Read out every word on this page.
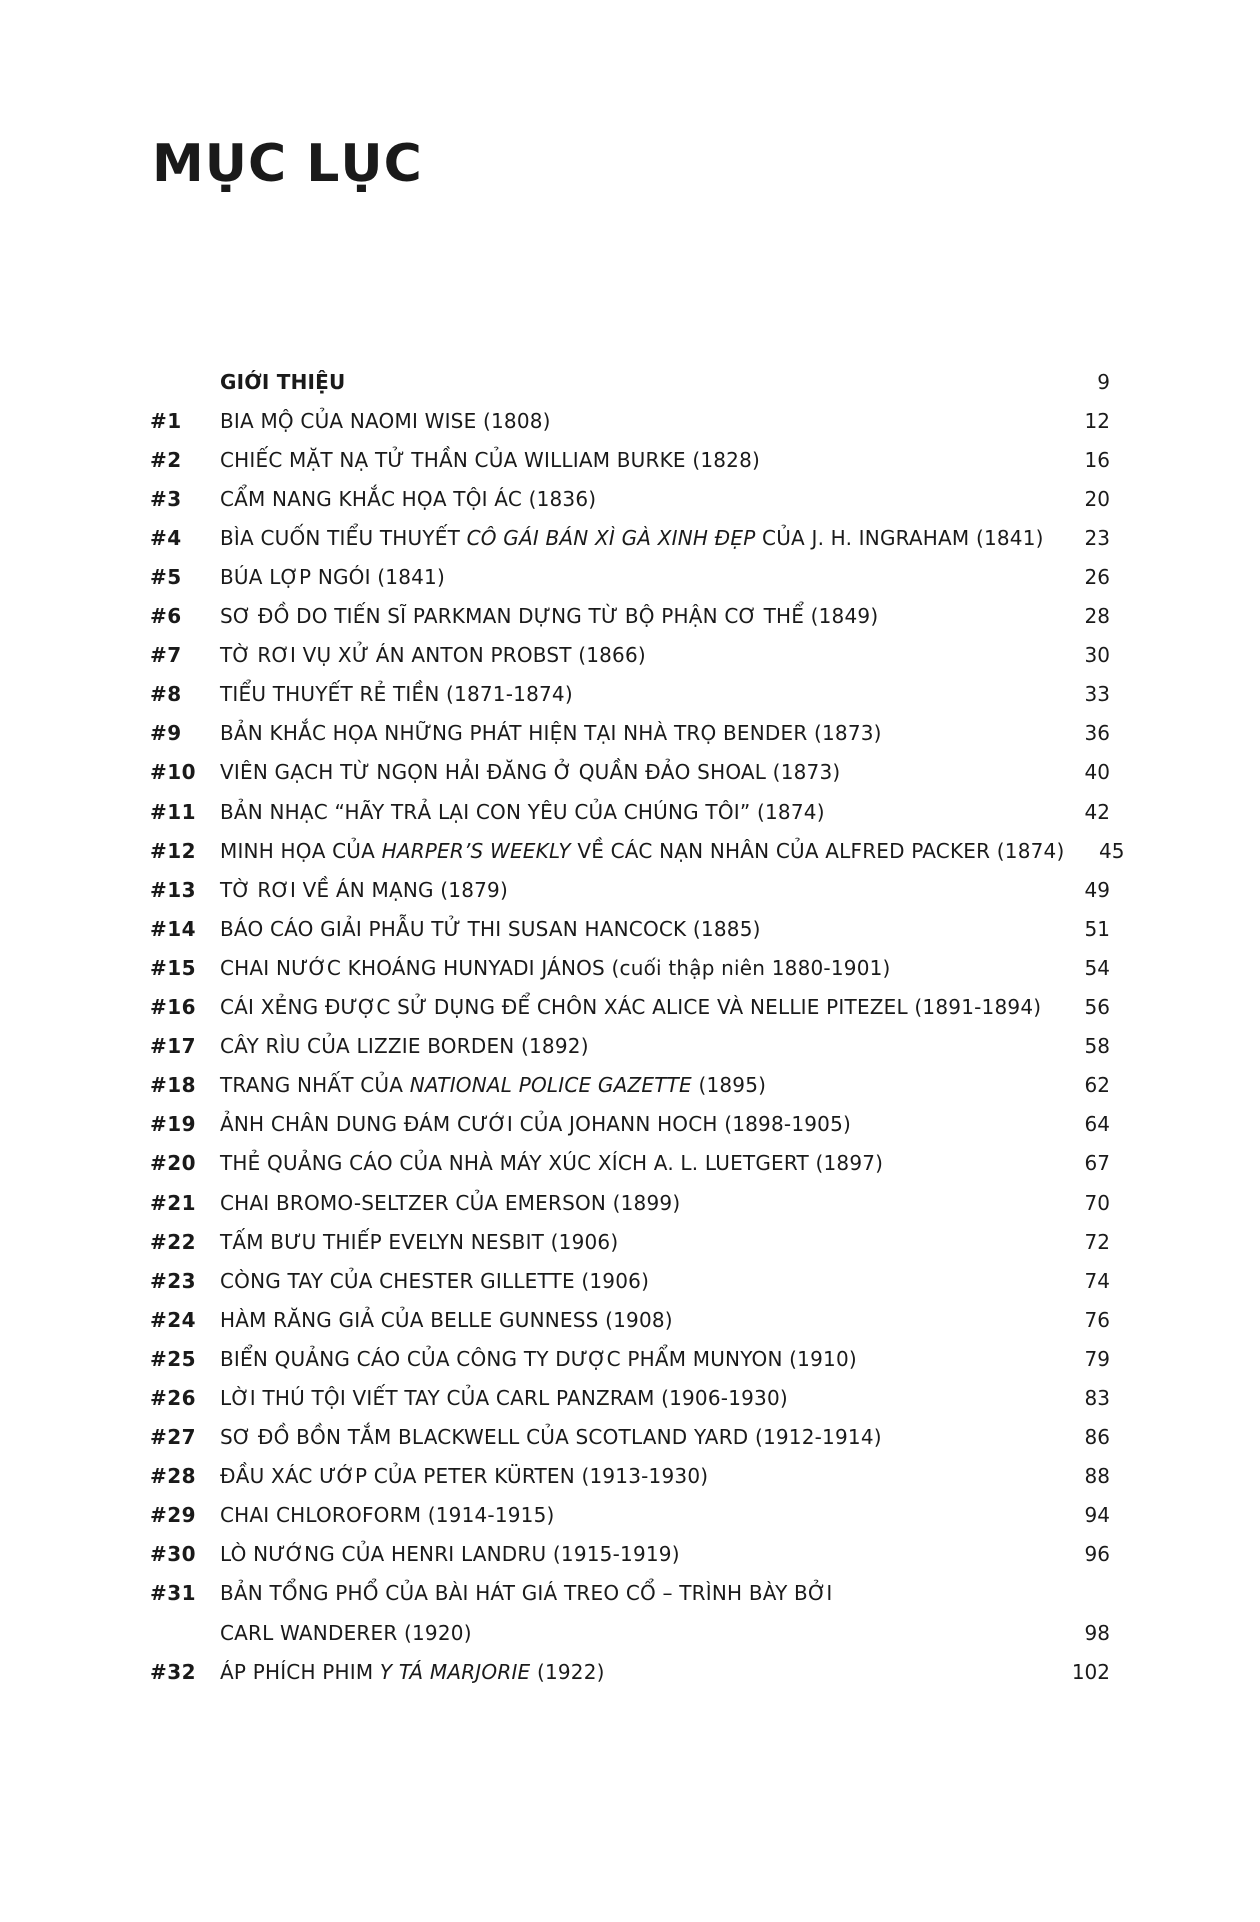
MỤC LỤC
GIỚI THIỆU	9
#1	BIA MỘ CỦA NAOMI WISE (1808)	12
#2	CHIẾC MẶT NẠ TỬ THẦN CỦA WILLIAM BURKE (1828)	16
#3	CẨM NANG KHẮC HỌA TỘI ÁC (1836)	20
#4	BÌA CUỐN TIỂU THUYẾT CÔ GÁI BÁN XÌ GÀ XINH ĐẸP CỦA J. H. INGRAHAM (1841)	23
#5	BÚA LỢP NGÓI (1841)	26
#6	SƠ ĐỒ DO TIẾN SĨ PARKMAN DỰNG TỪ BỘ PHẬN CƠ THỂ (1849)	28
#7	TỜ RƠI VỤ XỬ ÁN ANTON PROBST (1866)	30
#8	TIỂU THUYẾT RẺ TIỀN (1871-1874)	33
#9	BẢN KHẮC HỌA NHỮNG PHÁT HIỆN TẠI NHÀ TRỌ BENDER (1873)	36
#10	VIÊN GẠCH TỪ NGỌN HẢI ĐĂNG Ở QUẦN ĐẢO SHOAL (1873)	40
#11	BẢN NHẠC “HÃY TRẢ LẠI CON YÊU CỦA CHÚNG TÔI” (1874)	42
#12	MINH HỌA CỦA HARPER’S WEEKLY VỀ CÁC NẠN NHÂN CỦA ALFRED PACKER (1874)	45
#13	TỜ RƠI VỀ ÁN MẠNG (1879)	49
#14	BÁO CÁO GIẢI PHẪU TỬ THI SUSAN HANCOCK (1885)	51
#15	CHAI NƯỚC KHOÁNG HUNYADI JÁNOS (cuối thập niên 1880-1901)	54
#16	CÁI XẺNG ĐƯỢC SỬ DỤNG ĐỂ CHÔN XÁC ALICE VÀ NELLIE PITEZEL (1891-1894)	56
#17	CÂY RÌU CỦA LIZZIE BORDEN (1892)	58
#18	TRANG NHẤT CỦA NATIONAL POLICE GAZETTE (1895)	62
#19	ẢNH CHÂN DUNG ĐÁM CƯỚI CỦA JOHANN HOCH (1898-1905)	64
#20	THẺ QUẢNG CÁO CỦA NHÀ MÁY XÚC XÍCH A. L. LUETGERT (1897)	67
#21	CHAI BROMO-SELTZER CỦA EMERSON (1899)	70
#22	TẤM BƯU THIẾP EVELYN NESBIT (1906)	72
#23	CÒNG TAY CỦA CHESTER GILLETTE (1906)	74
#24	HÀM RĂNG GIẢ CỦA BELLE GUNNESS (1908)	76
#25	BIỂN QUẢNG CÁO CỦA CÔNG TY DƯỢC PHẨM MUNYON (1910)	79
#26	LỜI THÚ TỘI VIẾT TAY CỦA CARL PANZRAM (1906-1930)	83
#27	SƠ ĐỒ BỒN TẮM BLACKWELL CỦA SCOTLAND YARD (1912-1914)	86
#28	ĐẦU XÁC ƯỚP CỦA PETER KÜRTEN (1913-1930)	88
#29	CHAI CHLOROFORM (1914-1915)	94
#30	LÒ NƯỚNG CỦA HENRI LANDRU (1915-1919)	96
#31	BẢN TỔNG PHỔ CỦA BÀI HÁT GIÁ TREO CỔ – TRÌNH BÀY BỞI
CARL WANDERER (1920)	98
#32	ÁP PHÍCH PHIM Y TÁ MARJORIE (1922)	102
